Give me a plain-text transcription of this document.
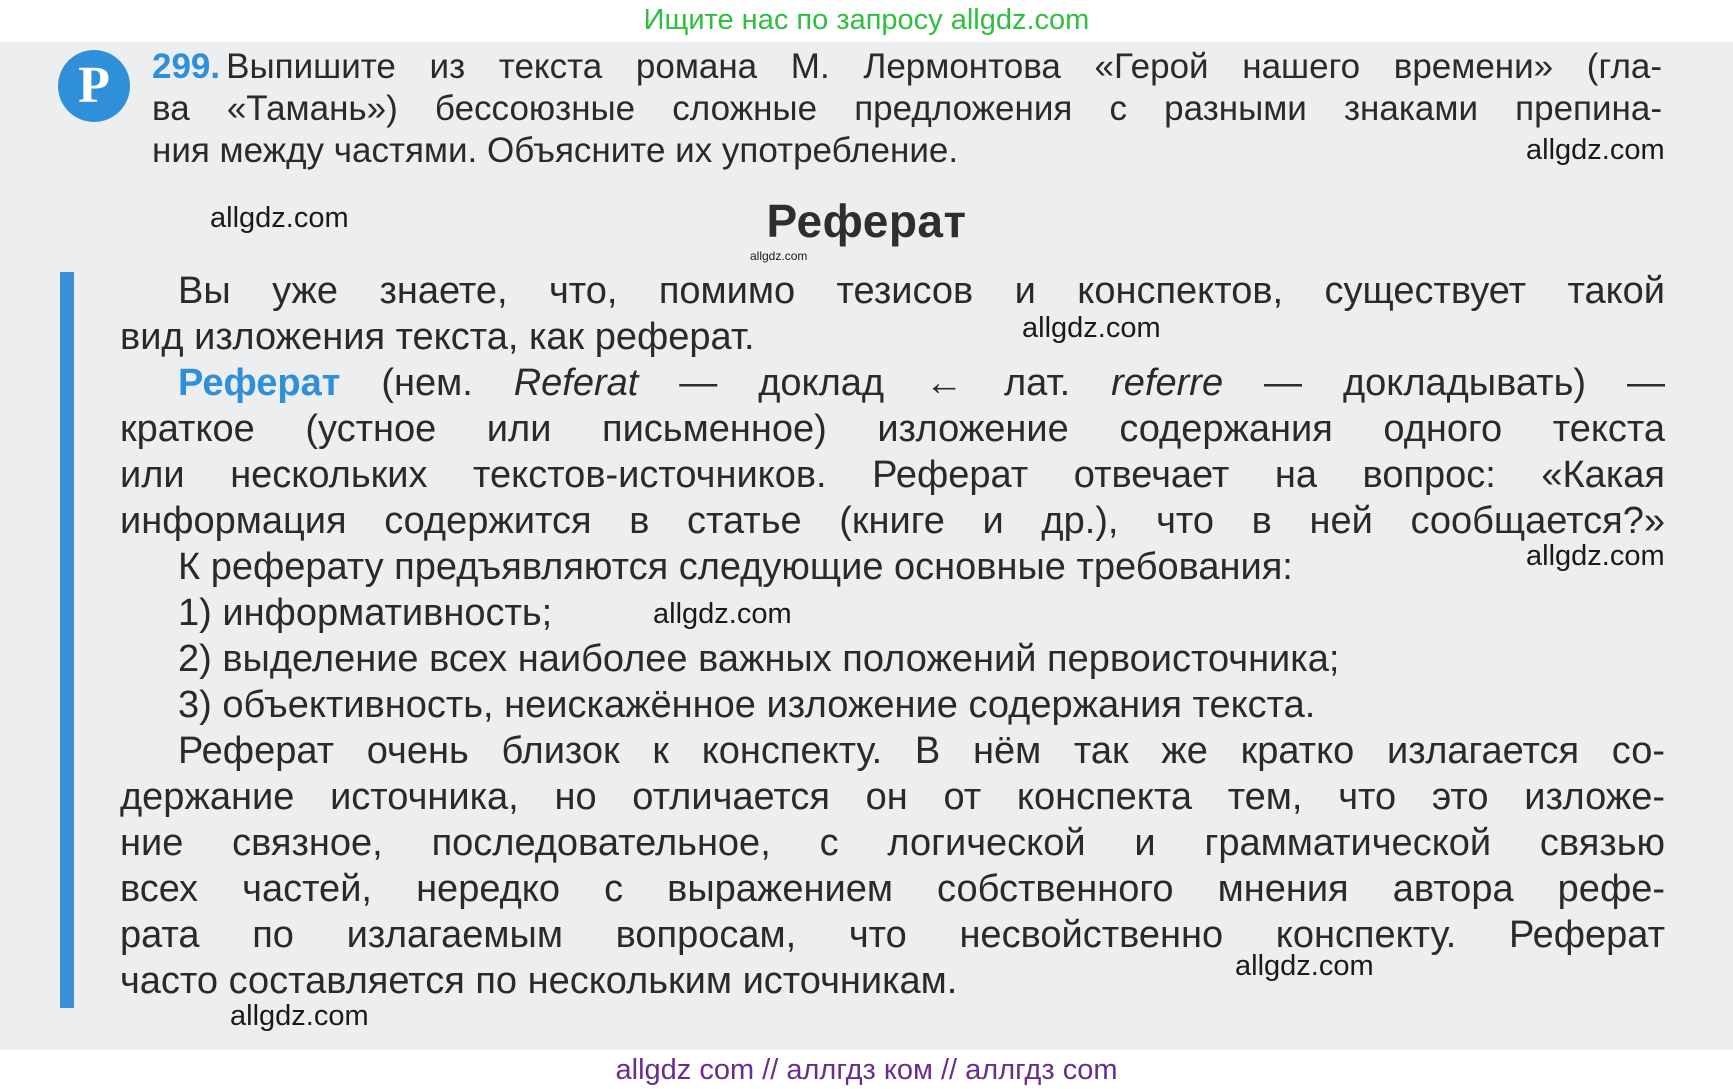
Ищите нас по запросу allgdz.com
Р	299. Выпишите из текста романа М. Лермонтова «Герой нашего времени» (гла-
ва «Тамань») бессоюзные сложные предложения с разными знаками препина-
ния между частями. Объясните их употребление.
Реферат
Вы уже знаете, что, помимо тезисов и конспектов, существует такой
вид изложения текста, как реферат.
Реферат (нем. Referat — доклад ← лат. referre — докладывать) —
краткое (устное или письменное) изложение содержания одного текста
или нескольких текстов-источников. Реферат отвечает на вопрос: «Какая
информация содержится в статье (книге и др.), что в ней сообщается?»
К реферату предъявляются следующие основные требования:
1) информативность;
2) выделение всех наиболее важных положений первоисточника;
3) объективность, неискажённое изложение содержания текста.
Реферат очень близок к конспекту. В нём так же кратко излагается со-
держание источника, но отличается он от конспекта тем, что это изложе-
ние связное, последовательное, с логической и грамматической связью
всех частей, нередко с выражением собственного мнения автора рефе-
рата по излагаемым вопросам, что несвойственно конспекту. Реферат
часто составляется по нескольким источникам.
allgdz.com
allgdz.com
allgdz.com
allgdz.com
allgdz.com
allgdz.com
allgdz.com
allgdz.com
allgdz com // аллгдз ком // аллгдз com
